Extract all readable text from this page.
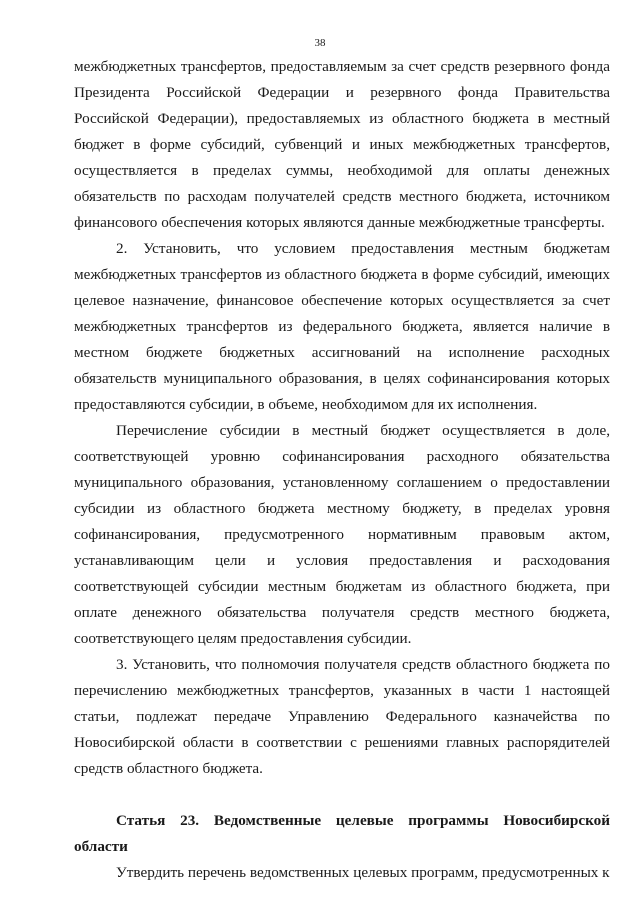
38

межбюджетных трансфертов, предоставляемым за счет средств резервного фонда Президента Российской Федерации и резервного фонда Правительства Российской Федерации), предоставляемых из областного бюджета в местный бюджет в форме субсидий, субвенций и иных межбюджетных трансфертов, осуществляется в пределах суммы, необходимой для оплаты денежных обязательств по расходам получателей средств местного бюджета, источником финансового обеспечения которых являются данные межбюджетные трансферты.

2. Установить, что условием предоставления местным бюджетам межбюджетных трансфертов из областного бюджета в форме субсидий, имеющих целевое назначение, финансовое обеспечение которых осуществляется за счет межбюджетных трансфертов из федерального бюджета, является наличие в местном бюджете бюджетных ассигнований на исполнение расходных обязательств муниципального образования, в целях софинансирования которых предоставляются субсидии, в объеме, необходимом для их исполнения.

Перечисление субсидии в местный бюджет осуществляется в доле, соответствующей уровню софинансирования расходного обязательства муниципального образования, установленному соглашением о предоставлении субсидии из областного бюджета местному бюджету, в пределах уровня софинансирования, предусмотренного нормативным правовым актом, устанавливающим цели и условия предоставления и расходования соответствующей субсидии местным бюджетам из областного бюджета, при оплате денежного обязательства получателя средств местного бюджета, соответствующего целям предоставления субсидии.

3. Установить, что полномочия получателя средств областного бюджета по перечислению межбюджетных трансфертов, указанных в части 1 настоящей статьи, подлежат передаче Управлению Федерального казначейства по Новосибирской области в соответствии с решениями главных распорядителей средств областного бюджета.

Статья 23. Ведомственные целевые программы Новосибирской области

Утвердить перечень ведомственных целевых программ, предусмотренных к
